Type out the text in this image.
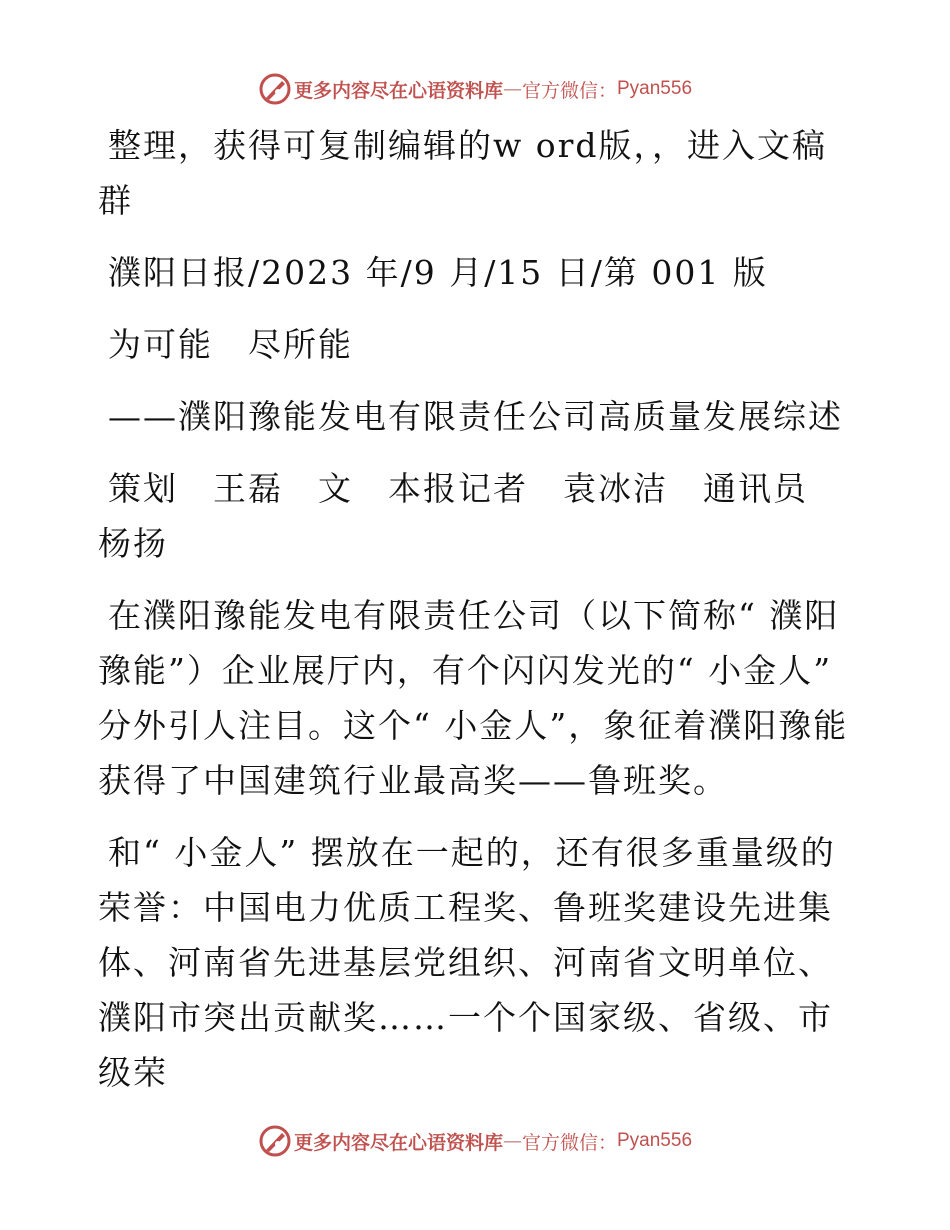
更多内容尽在心语资料库 — 官方微信： Pyan556

整理，获得可复制编辑的w ord版，，进入文稿群

濮阳日报/2023 年/9 月/15 日/第 001 版

为可能　尽所能

——濮阳豫能发电有限责任公司高质量发展综述

策划　王磊　文　本报记者　袁冰洁　通讯员　杨扬

在濮阳豫能发电有限责任公司（以下简称“ 濮阳豫能”）企业展厅内，有个闪闪发光的“ 小金人” 分外引人注目。这个“ 小金人”，象征着濮阳豫能获得了中国建筑行业最高奖——鲁班奖。

和“ 小金人” 摆放在一起的，还有很多重量级的荣誉：中国电力优质工程奖、鲁班奖建设先进集体、河南省先进基层党组织、河南省文明单位、濮阳市突出贡献奖……一个个国家级、省级、市级荣

更多内容尽在心语资料库 — 官方微信： Pyan556
